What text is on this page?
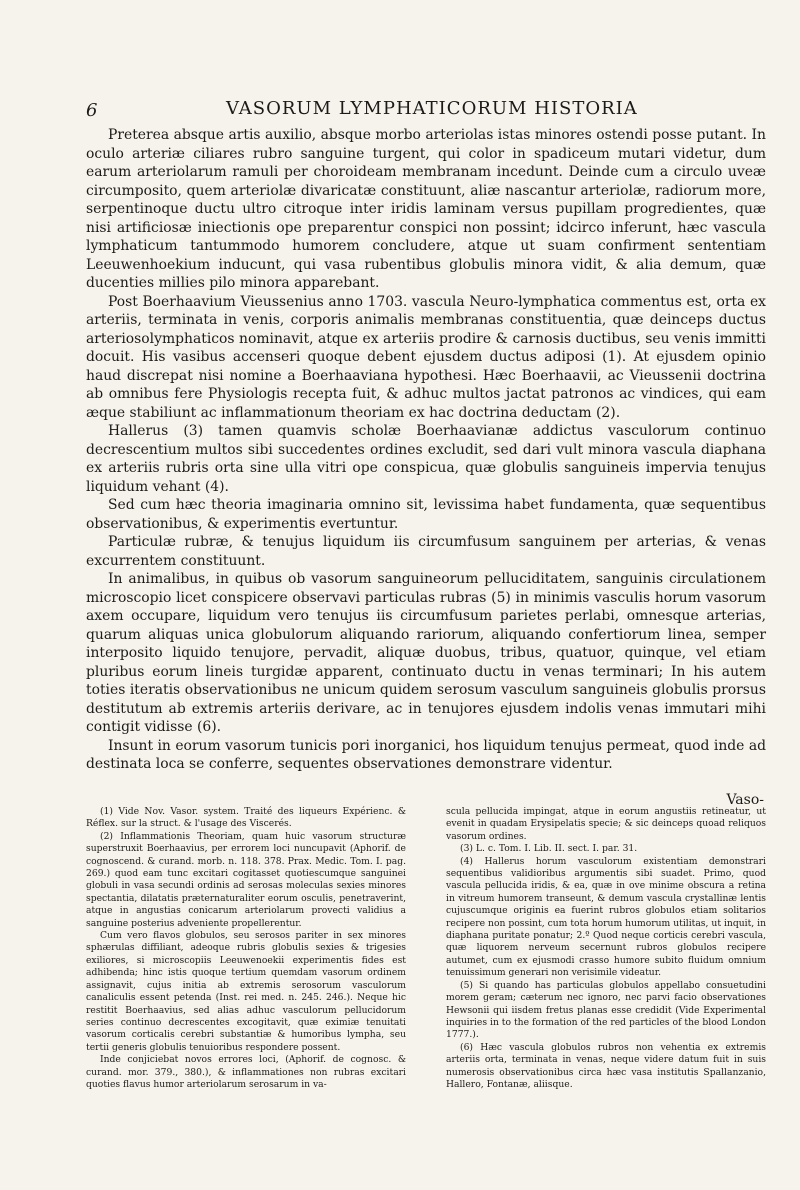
6	VASORUM LYMPHATICORUM HISTORIA

Preterea absque artis auxilio, absque morbo arteriolas istas minores ostendi posse putant. In oculo arteriæ ciliares rubro sanguine turgent, qui color in spadiceum mutari videtur, dum earum arteriolarum ramuli per choroideam membranam incedunt. Deinde cum a circulo uveæ circumposito, quem arteriolæ divaricatæ constituunt, aliæ nascantur arteriolæ, radiorum more, serpentinoque ductu ultro citroque inter iridis laminam versus pupillam progredientes, quæ nisi artificiosæ iniectionis ope preparentur conspici non possint; idcirco inferunt, hæc vascula lymphaticum tantummodo humorem concludere, atque ut suam confirment sententiam Leeuwenhoekium inducunt, qui vasa rubentibus globulis minora vidit, & alia demum, quæ ducenties millies pilo minora apparebant.

Post Boerhaavium Vieussenius anno 1703. vascula Neuro-lymphatica commentus est, orta ex arteriis, terminata in venis, corporis animalis membranas constituentia, quæ deinceps ductus arteriosolymphaticos nominavit, atque ex arteriis prodire & carnosis ductibus, seu venis immitti docuit. His vasibus accenseri quoque debent ejusdem ductus adiposi (1). At ejusdem opinio haud discrepat nisi nomine a Boerhaaviana hypothesi. Hæc Boerhaavii, ac Vieussenii doctrina ab omnibus fere Physiologis recepta fuit, & adhuc multos jactat patronos ac vindices, qui eam æque stabiliunt ac inflammationum theoriam ex hac doctrina deductam (2).

Hallerus (3) tamen quamvis scholæ Boerhaavianæ addictus vasculorum continuo decrescentium multos sibi succedentes ordines excludit, sed dari vult minora vascula diaphana ex arteriis rubris orta sine ulla vitri ope conspicua, quæ globulis sanguineis impervia tenujus liquidum vehant (4).

Sed cum hæc theoria imaginaria omnino sit, levissima habet fundamenta, quæ sequentibus observationibus, & experimentis evertuntur.

Particulæ rubræ, & tenujus liquidum iis circumfusum sanguinem per arterias, & venas excurrentem constituunt.

In animalibus, in quibus ob vasorum sanguineorum pelluciditatem, sanguinis circulationem microscopio licet conspicere observavi particulas rubras (5) in minimis vasculis horum vasorum axem occupare, liquidum vero tenujus iis circumfusum parietes perlabi, omnesque arterias, quarum aliquas unica globulorum aliquando rariorum, aliquando confertiorum linea, semper interposito liquido tenujore, pervadit, aliquæ duobus, tribus, quatuor, quinque, vel etiam pluribus eorum lineis turgidæ apparent, continuato ductu in venas terminari; In his autem toties iteratis observationibus ne unicum quidem serosum vasculum sanguineis globulis prorsus destitutum ab extremis arteriis derivare, ac in tenujores ejusdem indolis venas immutari mihi contigit vidisse (6).

Insunt in eorum vasorum tunicis pori inorganici, hos liquidum tenujus permeat, quod inde ad destinata loca se conferre, sequentes observationes demonstrare videntur.

Vaso-

(1) Vide Nov. Vasor. system. Traité des liqueurs Expérienc. & Réflex. sur la struct. & l'usage des Viscerés.

(2) Inflammationis Theoriam, quam huic vasorum structuræ superstruxit Boerhaavius, per errorem loci nuncupavit (Aphorif. de cognoscend. & curand. morb. n. 118. 378. Prax. Medic. Tom. I. pag. 269.) quod eam tunc excitari cogitasset quotiescumque sanguinei globuli in vasa secundi ordinis ad serosas moleculas sexies minores spectantia, dilatatis præternaturaliter eorum osculis, penetraverint, atque in angustias conicarum arteriolarum provecti validius a sanguine posterius adveniente propellerentur.

Cum vero flavos globulos, seu serosos pariter in sex minores sphærulas diffiliant, adeoque rubris globulis sexies & trigesies exiliores, si microscopiis Leeuwenoekii experimentis fides est adhibenda; hinc istis quoque tertium quemdam vasorum ordinem assignavit, cujus initia ab extremis serosorum vasculorum canaliculis essent petenda (Inst. rei med. n. 245. 246.). Neque hic restitit Boerhaavius, sed alias adhuc vasculorum pellucidorum series continuo decrescentes excogitavit, quæ eximiæ tenuitati vasorum corticalis cerebri substantiæ & humoribus lympha, seu tertii generis globulis tenuioribus respondere possent.

Inde conjiciebat novos errores loci, (Aphorif. de cognosc. & curand. mor. 379., 380.), & inflammationes non rubras excitari quoties flavus humor arteriolarum serosarum in va-

scula pellucida impingat, atque in eorum angustiis retineatur, ut evenit in quadam Erysipelatis specie; & sic deinceps quoad reliquos vasorum ordines.

(3) L. c. Tom. I. Lib. II. sect. I. par. 31.

(4) Hallerus horum vasculorum existentiam demonstrari sequentibus validioribus argumentis sibi suadet. Primo, quod vascula pellucida iridis, & ea, quæ in ove minime obscura a retina in vitreum humorem transeunt, & demum vascula crystallinæ lentis cujuscumque originis ea fuerint rubros globulos etiam solitarios recipere non possint, cum tota horum humorum utilitas, ut inquit, in diaphana puritate ponatur; 2.º Quod neque corticis cerebri vascula, quæ liquorem nerveum secernunt rubros globulos recipere autumet, cum ex ejusmodi crasso humore subito fluidum omnium tenuissimum generari non verisimile videatur.

(5) Si quando has particulas globulos appellabo consuetudini morem geram; cæterum nec ignoro, nec parvi facio observationes Hewsonii qui iisdem fretus planas esse credidit (Vide Experimental inquiries in to the formation of the red particles of the blood London 1777.).

(6) Hæc vascula globulos rubros non vehentia ex extremis arteriis orta, terminata in venas, neque videre datum fuit in suis numerosis observationibus circa hæc vasa institutis Spallanzanio, Hallero, Fontanæ, aliisque.
